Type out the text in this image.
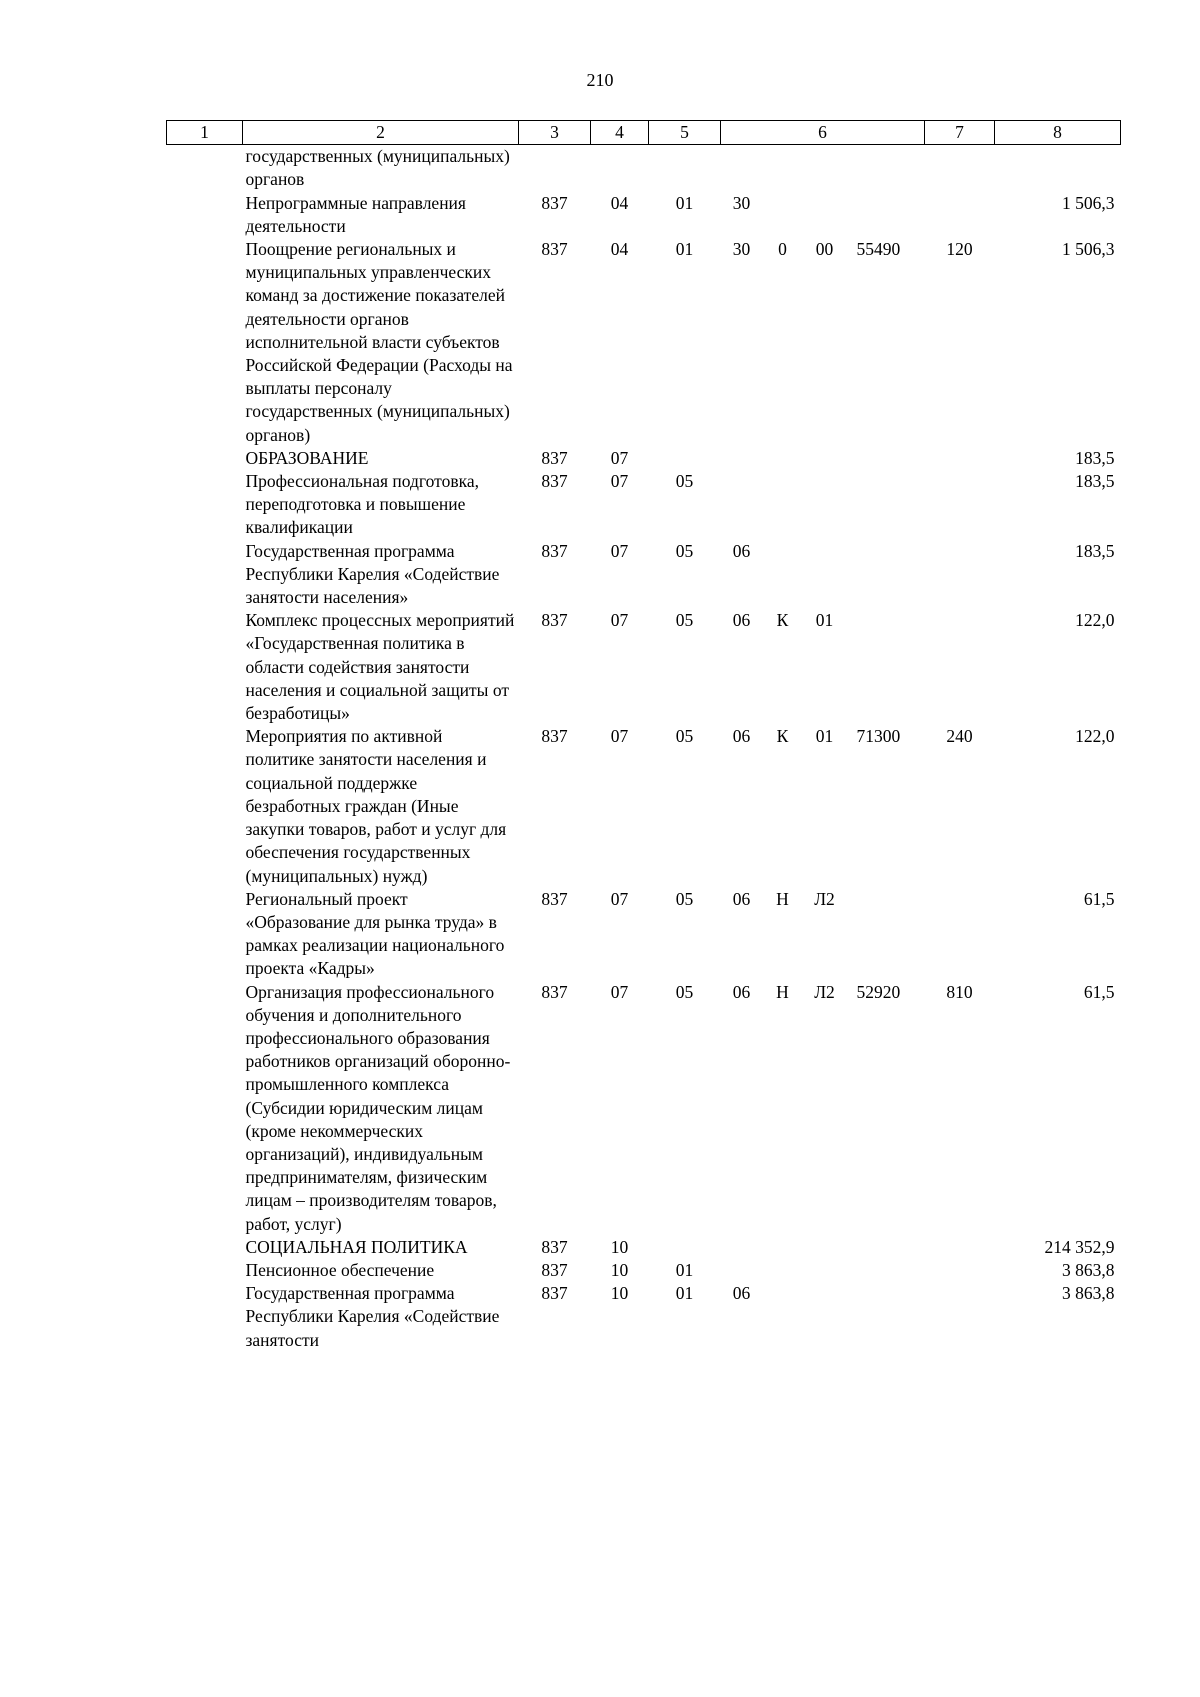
210
1	2	3	4	5	6				7	8
	государственных (муниципальных) органов									
	Непрограммные направления деятельности	837	04	01	30					1 506,3
	Поощрение региональных и муниципальных управленческих команд за достижение показателей деятельности органов исполнительной власти субъектов Российской Федерации (Расходы на выплаты персоналу государственных (муниципальных) органов)	837	04	01	30	0	00	55490	120	1 506,3
	ОБРАЗОВАНИЕ	837	07							183,5
	Профессиональная подготовка, переподготовка и повышение квалификации	837	07	05						183,5
	Государственная программа Республики Карелия «Содействие занятости населения»	837	07	05	06					183,5
	Комплекс процессных мероприятий «Государственная политика в области содействия занятости населения и социальной защиты от безработицы»	837	07	05	06	К	01			122,0
	Мероприятия по активной политике занятости населения и социальной поддержке безработных граждан (Иные закупки товаров, работ и услуг для обеспечения государственных (муниципальных) нужд)	837	07	05	06	К	01	71300	240	122,0
	Региональный проект «Образование для рынка труда» в рамках реализации национального проекта «Кадры»	837	07	05	06	Н	Л2			61,5
	Организация профессионального обучения и дополнительного профессионального образования работников организаций оборонно-промышленного комплекса (Субсидии юридическим лицам (кроме некоммерческих организаций), индивидуальным предпринимателям, физическим лицам – производителям товаров, работ, услуг)	837	07	05	06	Н	Л2	52920	810	61,5
	СОЦИАЛЬНАЯ ПОЛИТИКА	837	10							214 352,9
	Пенсионное обеспечение	837	10	01						3 863,8
	Государственная программа Республики Карелия «Содействие занятости	837	10	01	06					3 863,8
